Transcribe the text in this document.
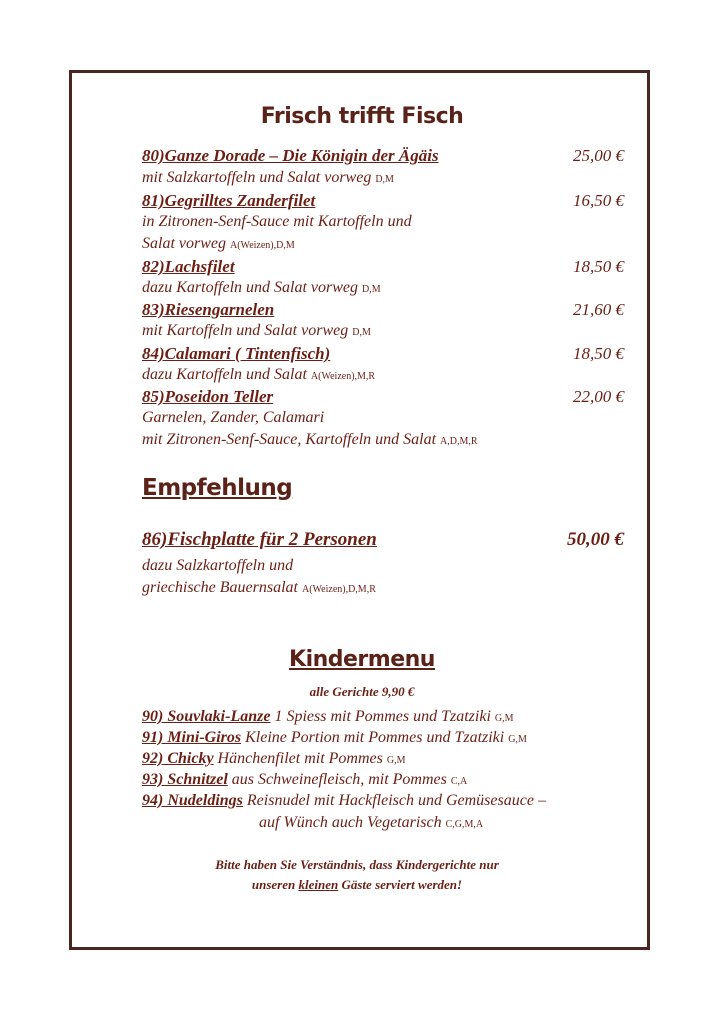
Frisch trifft Fisch
80)Ganze Dorade – Die Königin der Ägäis	25,00 €
mit Salzkartoffeln und Salat vorweg D,M
81)Gegrilltes Zanderfilet	16,50 €
in Zitronen-Senf-Sauce mit Kartoffeln und
Salat vorweg A(Weizen),D,M
82)Lachsfilet	18,50 €
dazu Kartoffeln und Salat vorweg D,M
83)Riesengarnelen	21,60 €
mit Kartoffeln und Salat vorweg D,M
84)Calamari ( Tintenfisch)	18,50 €
dazu Kartoffeln und Salat A(Weizen),M,R
85)Poseidon Teller	22,00 €
Garnelen, Zander, Calamari
mit Zitronen-Senf-Sauce, Kartoffeln und Salat A,D,M,R
Empfehlung
86)Fischplatte für 2 Personen	50,00 €
dazu Salzkartoffeln und
griechische Bauernsalat A(Weizen),D,M,R
Kindermenu
alle Gerichte 9,90 €
90) Souvlaki-Lanze 1 Spiess mit Pommes und Tzatziki G,M
91) Mini-Giros Kleine Portion mit Pommes und Tzatziki G,M
92) Chicky Hänchenfilet mit Pommes G,M
93) Schnitzel aus Schweinefleisch, mit Pommes C,A
94) Nudeldings Reisnudel mit Hackfleisch und Gemüsesauce –
auf Wünch auch Vegetarisch C,G,M,A
Bitte haben Sie Verständnis, dass Kindergerichte nur
unseren kleinen Gäste serviert werden!
